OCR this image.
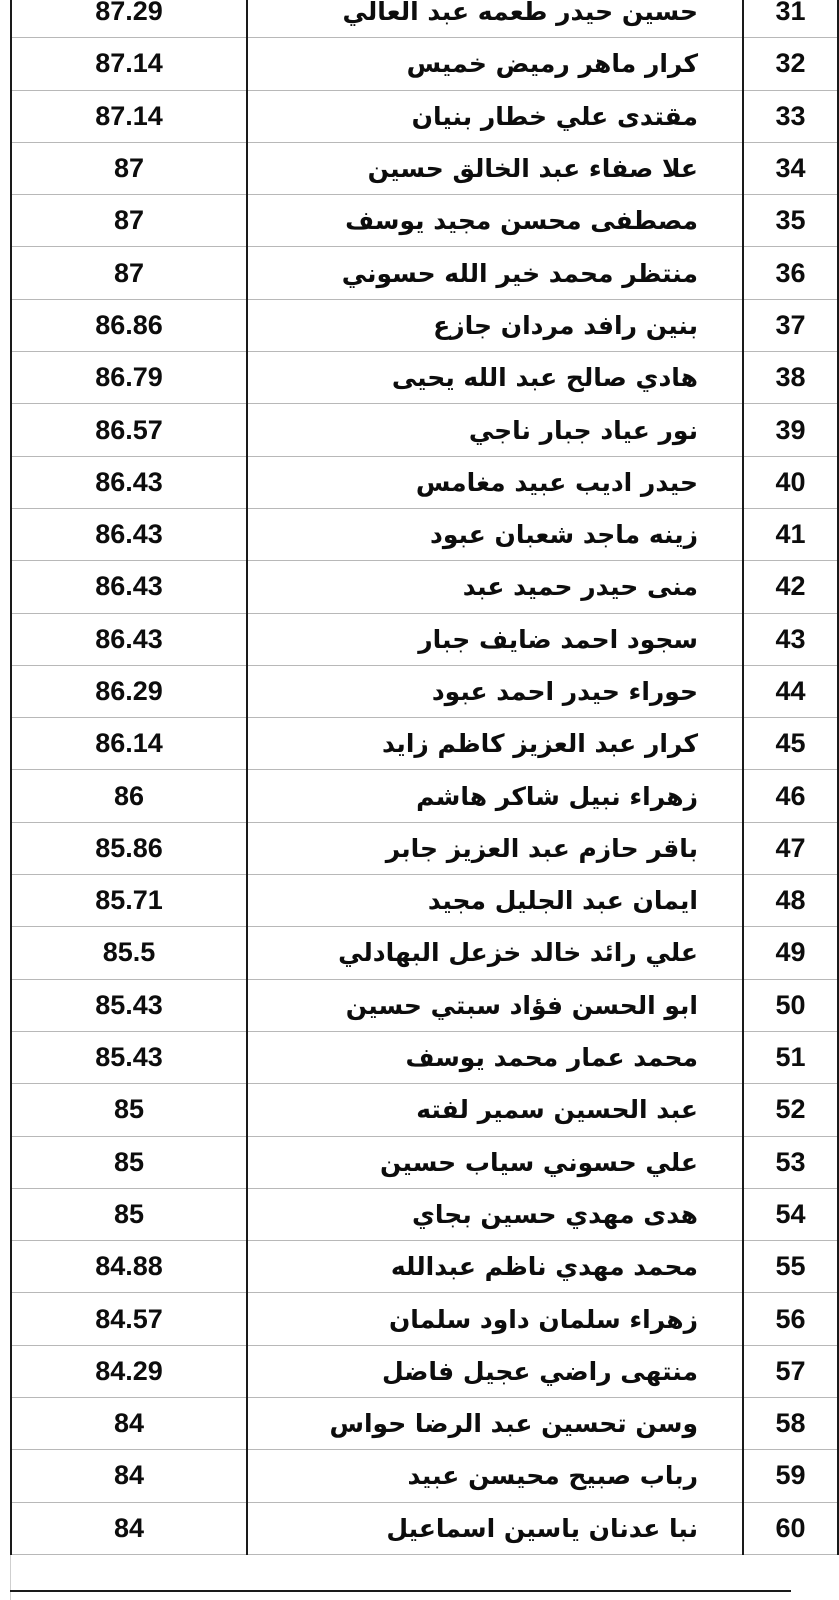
87.29	حسين حيدر طعمه عبد العالي	31
87.14	كرار ماهر رميض خميس	32
87.14	مقتدى علي خطار بنيان	33
87	علا صفاء عبد الخالق حسين	34
87	مصطفى محسن مجيد يوسف	35
87	منتظر محمد خير الله حسوني	36
86.86	بنين رافد مردان جازع	37
86.79	هادي صالح عبد الله يحيى	38
86.57	نور عياد جبار ناجي	39
86.43	حيدر اديب عبيد مغامس	40
86.43	زينه ماجد شعبان عبود	41
86.43	منى حيدر حميد عبد	42
86.43	سجود احمد ضايف جبار	43
86.29	حوراء حيدر احمد عبود	44
86.14	كرار عبد العزيز كاظم زايد	45
86	زهراء نبيل شاكر هاشم	46
85.86	باقر حازم عبد العزيز جابر	47
85.71	ايمان عبد الجليل مجيد	48
85.5	علي رائد خالد خزعل البهادلي	49
85.43	ابو الحسن فؤاد سبتي حسين	50
85.43	محمد عمار محمد يوسف	51
85	عبد الحسين سمير لفته	52
85	علي حسوني سياب حسين	53
85	هدى مهدي حسين بجاي	54
84.88	محمد مهدي ناظم عبدالله	55
84.57	زهراء سلمان داود سلمان	56
84.29	منتهى راضي عجيل فاضل	57
84	وسن تحسين عبد الرضا حواس	58
84	رباب صبيح محيسن عبيد	59
84	نبا عدنان ياسين اسماعيل	60
